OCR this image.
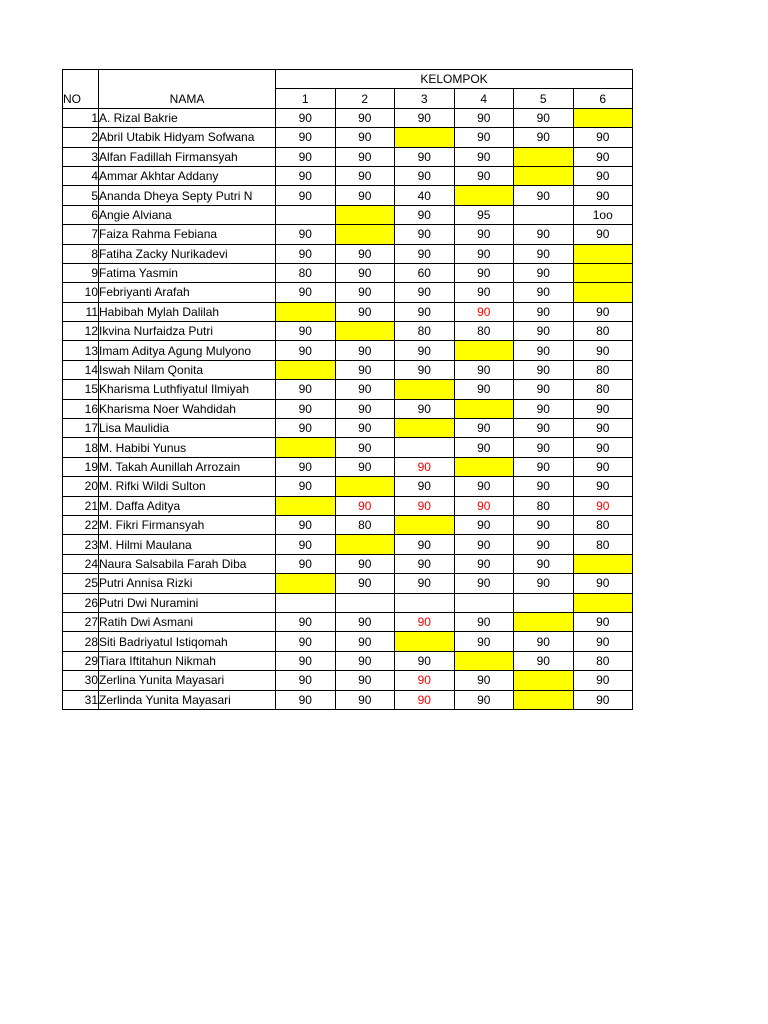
		KELOMPOK					
NO	NAMA	1	2	3	4	5	6
1	A. Rizal Bakrie	90	90	90	90	90	
2	Abril Utabik Hidyam Sofwana	90	90		90	90	90
3	Alfan Fadillah Firmansyah	90	90	90	90		90
4	Ammar Akhtar Addany	90	90	90	90		90
5	Ananda Dheya Septy Putri N	90	90	40		90	90
6	Angie Alviana			90	95		1oo
7	Faiza Rahma Febiana	90		90	90	90	90
8	Fatiha Zacky Nurikadevi	90	90	90	90	90	
9	Fatima Yasmin	80	90	60	90	90	
10	Febriyanti Arafah	90	90	90	90	90	
11	Habibah Mylah Dalilah		90	90	90	90	90
12	Ikvina Nurfaidza Putri	90		80	80	90	80
13	Imam Aditya Agung Mulyono	90	90	90		90	90
14	Iswah Nilam Qonita		90	90	90	90	80
15	Kharisma Luthfiyatul Ilmiyah	90	90		90	90	80
16	Kharisma Noer Wahdidah	90	90	90		90	90
17	Lisa Maulidia	90	90		90	90	90
18	M. Habibi Yunus		90		90	90	90
19	M. Takah Aunillah Arrozain	90	90	90		90	90
20	M. Rifki Wildi Sulton	90		90	90	90	90
21	M. Daffa Aditya		90	90	90	80	90
22	M. Fikri Firmansyah	90	80		90	90	80
23	M. Hilmi Maulana	90		90	90	90	80
24	Naura Salsabila Farah Diba	90	90	90	90	90	
25	Putri Annisa Rizki		90	90	90	90	90
26	Putri Dwi Nuramini						
27	Ratih Dwi Asmani	90	90	90	90		90
28	Siti Badriyatul Istiqomah	90	90		90	90	90
29	Tiara Iftitahun Nikmah	90	90	90		90	80
30	Zerlina Yunita Mayasari	90	90	90	90		90
31	Zerlinda Yunita Mayasari	90	90	90	90		90
